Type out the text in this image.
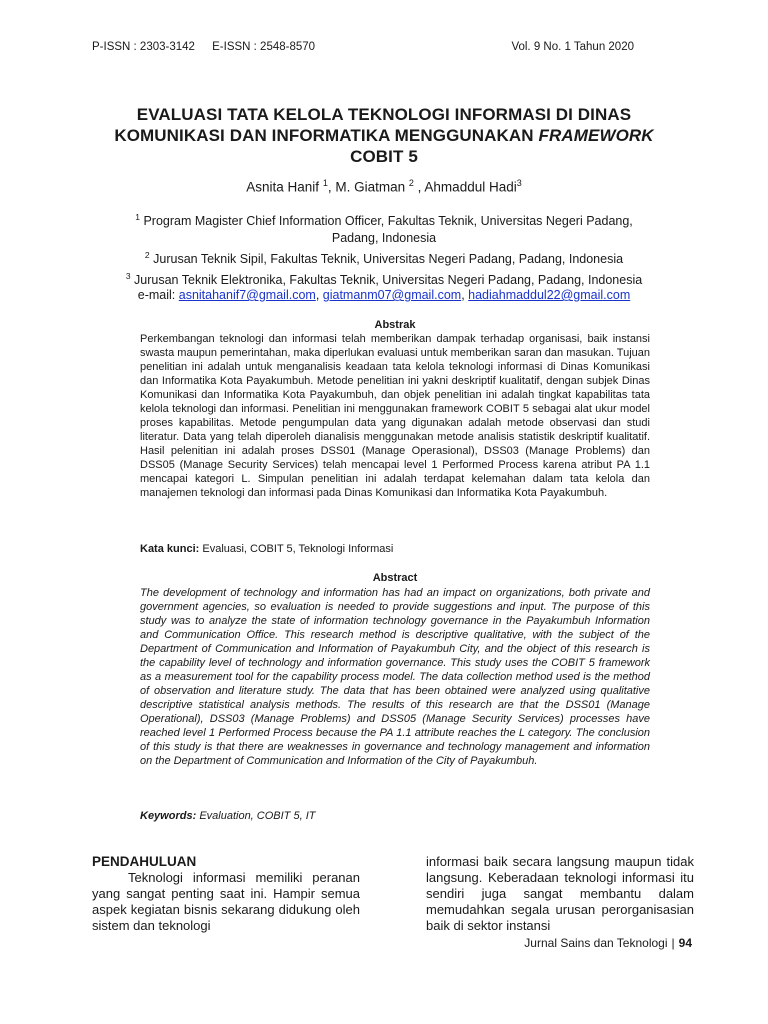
P-ISSN : 2303-3142 E-ISSN : 2548-8570	Vol. 9 No. 1 Tahun 2020
EVALUASI TATA KELOLA TEKNOLOGI INFORMASI DI DINAS
KOMUNIKASI DAN INFORMATIKA MENGGUNAKAN FRAMEWORK
COBIT 5
Asnita Hanif $^1$, M. Giatman $^2$ , Ahmaddul Hadi$^3$
$^1$ Program Magister Chief Information Officer, Fakultas Teknik, Universitas Negeri Padang,
Padang, Indonesia
$^2$ Jurusan Teknik Sipil, Fakultas Teknik, Universitas Negeri Padang, Padang, Indonesia
$^3$ Jurusan Teknik Elektronika, Fakultas Teknik, Universitas Negeri Padang, Padang, Indonesia
e-mail: asnitahanif7@gmail.com, giatmanm07@gmail.com, hadiahmaddul22@gmail.com
Abstrak
Perkembangan teknologi dan informasi telah memberikan dampak terhadap organisasi, baik instansi swasta maupun pemerintahan, maka diperlukan evaluasi untuk memberikan saran dan masukan. Tujuan penelitian ini adalah untuk menganalisis keadaan tata kelola teknologi informasi di Dinas Komunikasi dan Informatika Kota Payakumbuh. Metode penelitian ini yakni deskriptif kualitatif, dengan subjek Dinas Komunikasi dan Informatika Kota Payakumbuh, dan objek penelitian ini adalah tingkat kapabilitas tata kelola teknologi dan informasi. Penelitian ini menggunakan framework COBIT 5 sebagai alat ukur model proses kapabilitas. Metode pengumpulan data yang digunakan adalah metode observasi dan studi literatur. Data yang telah diperoleh dianalisis menggunakan metode analisis statistik deskriptif kualitatif. Hasil pelenitian ini adalah proses DSS01 (Manage Operasional), DSS03 (Manage Problems) dan DSS05 (Manage Security Services) telah mencapai level 1 Performed Process karena atribut PA 1.1 mencapai kategori L. Simpulan penelitian ini adalah terdapat kelemahan dalam tata kelola dan manajemen teknologi dan informasi pada Dinas Komunikasi dan Informatika Kota Payakumbuh.
Kata kunci: Evaluasi, COBIT 5, Teknologi Informasi
Abstract
The development of technology and information has had an impact on organizations, both private and government agencies, so evaluation is needed to provide suggestions and input. The purpose of this study was to analyze the state of information technology governance in the Payakumbuh Information and Communication Office. This research method is descriptive qualitative, with the subject of the Department of Communication and Information of Payakumbuh City, and the object of this research is the capability level of technology and information governance. This study uses the COBIT 5 framework as a measurement tool for the capability process model. The data collection method used is the method of observation and literature study. The data that has been obtained were analyzed using qualitative descriptive statistical analysis methods. The results of this research are that the DSS01 (Manage Operational), DSS03 (Manage Problems) and DSS05 (Manage Security Services) processes have reached level 1 Performed Process because the PA 1.1 attribute reaches the L category. The conclusion of this study is that there are weaknesses in governance and technology management and information on the Department of Communication and Information of the City of Payakumbuh.
Keywords: Evaluation, COBIT 5, IT
PENDAHULUAN

Teknologi informasi memiliki peranan yang sangat penting saat ini. Hampir semua aspek kegiatan bisnis sekarang didukung oleh sistem dan teknologi

informasi baik secara langsung maupun tidak langsung. Keberadaan teknologi informasi itu sendiri juga sangat membantu dalam memudahkan segala urusan perorganisasian baik di sektor instansi

Jurnal Sains dan Teknologi | 94
